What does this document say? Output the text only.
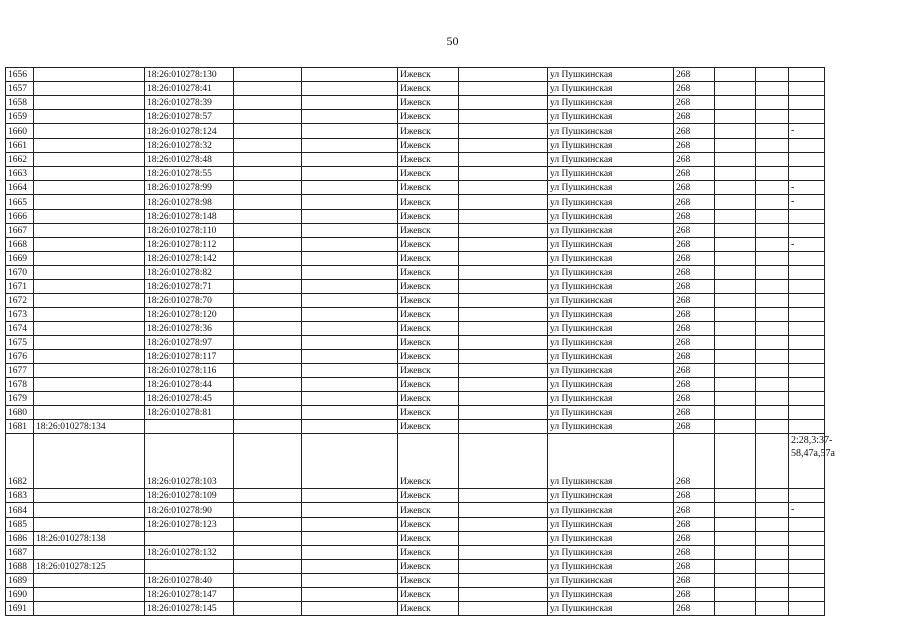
50
1656		18:26:010278:130			Ижевск		ул Пушкинская	268			
1657		18:26:010278:41			Ижевск		ул Пушкинская	268			
1658		18:26:010278:39			Ижевск		ул Пушкинская	268			
1659		18:26:010278:57			Ижевск		ул Пушкинская	268			
1660		18:26:010278:124			Ижевск		ул Пушкинская	268			-
1661		18:26:010278:32			Ижевск		ул Пушкинская	268			
1662		18:26:010278:48			Ижевск		ул Пушкинская	268			
1663		18:26:010278:55			Ижевск		ул Пушкинская	268			
1664		18:26:010278:99			Ижевск		ул Пушкинская	268			-
1665		18:26:010278:98			Ижевск		ул Пушкинская	268			-
1666		18:26:010278:148			Ижевск		ул Пушкинская	268			
1667		18:26:010278:110			Ижевск		ул Пушкинская	268			
1668		18:26:010278:112			Ижевск		ул Пушкинская	268			-
1669		18:26:010278:142			Ижевск		ул Пушкинская	268			
1670		18:26:010278:82			Ижевск		ул Пушкинская	268			
1671		18:26:010278:71			Ижевск		ул Пушкинская	268			
1672		18:26:010278:70			Ижевск		ул Пушкинская	268			
1673		18:26:010278:120			Ижевск		ул Пушкинская	268			
1674		18:26:010278:36			Ижевск		ул Пушкинская	268			
1675		18:26:010278:97			Ижевск		ул Пушкинская	268			
1676		18:26:010278:117			Ижевск		ул Пушкинская	268			
1677		18:26:010278:116			Ижевск		ул Пушкинская	268			
1678		18:26:010278:44			Ижевск		ул Пушкинская	268			
1679		18:26:010278:45			Ижевск		ул Пушкинская	268			
1680		18:26:010278:81			Ижевск		ул Пушкинская	268			
1681	18:26:010278:134				Ижевск		ул Пушкинская	268			
1682		18:26:010278:103			Ижевск		ул Пушкинская	268			2:28,3:37-58,47а,57а
1683		18:26:010278:109			Ижевск		ул Пушкинская	268			
1684		18:26:010278:90			Ижевск		ул Пушкинская	268			-
1685		18:26:010278:123			Ижевск		ул Пушкинская	268			
1686	18:26:010278:138				Ижевск		ул Пушкинская	268			
1687		18:26:010278:132			Ижевск		ул Пушкинская	268			
1688	18:26:010278:125				Ижевск		ул Пушкинская	268			
1689		18:26:010278:40			Ижевск		ул Пушкинская	268			
1690		18:26:010278:147			Ижевск		ул Пушкинская	268			
1691		18:26:010278:145			Ижевск		ул Пушкинская	268			
